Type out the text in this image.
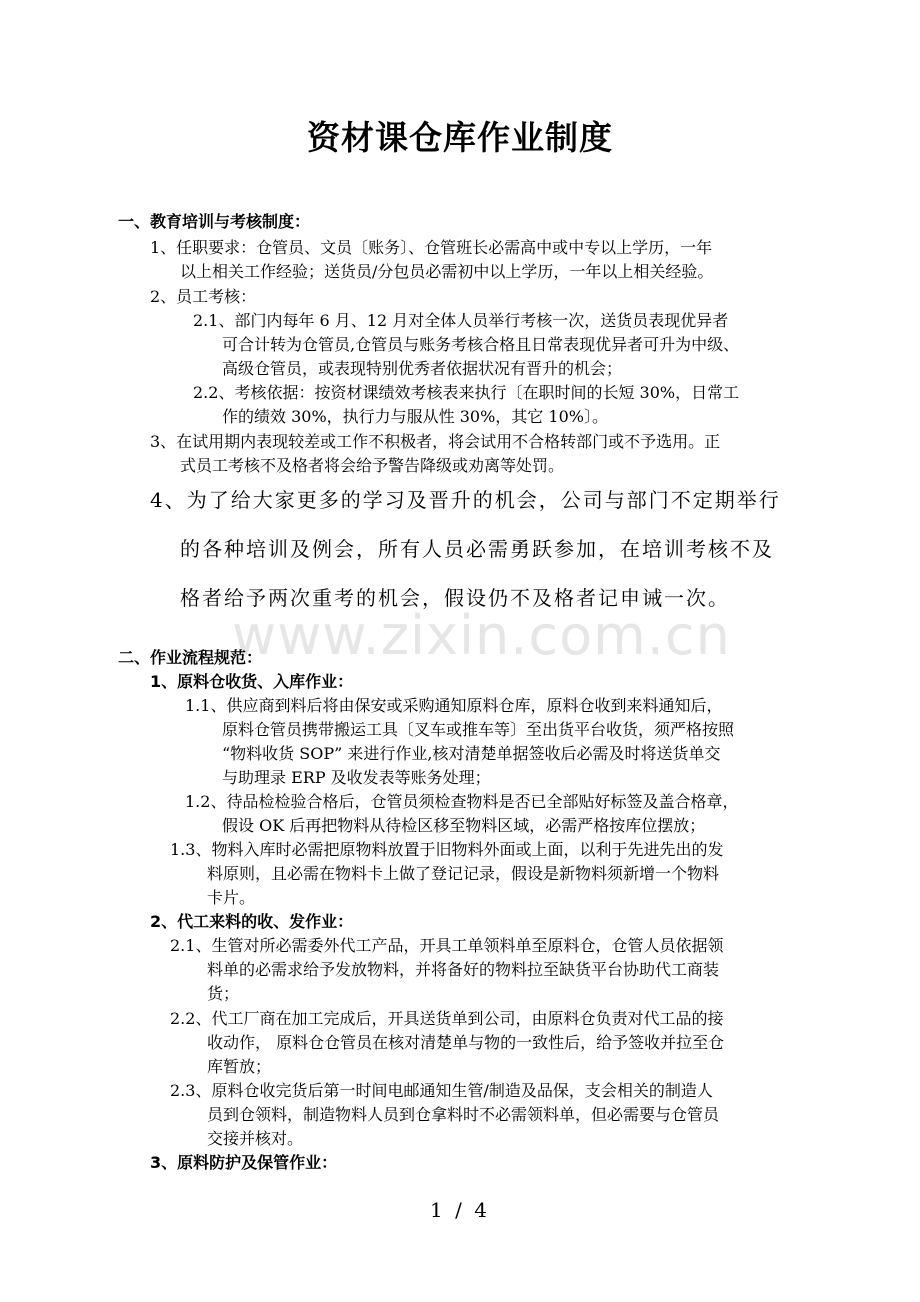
www.zixin.com.cn
资材课仓库作业制度
一、教育培训与考核制度：
1、任职要求：仓管员、文员〔账务〕、仓管班长必需高中或中专以上学历，一年
以上相关工作经验；送货员/分包员必需初中以上学历，一年以上相关经验。
2、员工考核：
2.1、部门内每年 6 月、12 月对全体人员举行考核一次，送货员表现优异者
可合计转为仓管员,仓管员与账务考核合格且日常表现优异者可升为中级、
高级仓管员，或表现特别优秀者依据状况有晋升的机会；
2.2、考核依据：按资材课绩效考核表来执行〔在职时间的长短 30%，日常工
作的绩效 30%，执行力与服从性 30%，其它 10%〕。
3、在试用期内表现较差或工作不积极者，将会试用不合格转部门或不予选用。正
式员工考核不及格者将会给予警告降级或劝离等处罚。
4、为了给大家更多的学习及晋升的机会，公司与部门不定期举行
的各种培训及例会，所有人员必需勇跃参加，在培训考核不及
格者给予两次重考的机会，假设仍不及格者记申诫一次。
二、作业流程规范：
1、原料仓收货、入库作业：
1.1、供应商到料后将由保安或采购通知原料仓库，原料仓收到来料通知后，
原料仓管员携带搬运工具〔叉车或推车等〕至出货平台收货，须严格按照
“物料收货 SOP” 来进行作业,核对清楚单据签收后必需及时将送货单交
与助理录 ERP 及收发表等账务处理；
1.2、待品检检验合格后，仓管员须检查物料是否已全部贴好标签及盖合格章，
假设 OK 后再把物料从待检区移至物料区域，必需严格按库位摆放；
1.3、物料入库时必需把原物料放置于旧物料外面或上面，以利于先进先出的发
料原则，且必需在物料卡上做了登记记录，假设是新物料须新增一个物料
卡片。
2、代工来料的收、发作业：
2.1、生管对所必需委外代工产品，开具工单领料单至原料仓，仓管人员依据领
料单的必需求给予发放物料，并将备好的物料拉至缺货平台协助代工商装
货；
2.2、代工厂商在加工完成后，开具送货单到公司，由原料仓负责对代工品的接
收动作， 原料仓仓管员在核对清楚单与物的一致性后，给予签收并拉至仓
库暂放；
2.3、原料仓收完货后第一时间电邮通知生管/制造及品保，支会相关的制造人
员到仓领料，制造物料人员到仓拿料时不必需领料单，但必需要与仓管员
交接并核对。
3、原料防护及保管作业：
1 / 4
